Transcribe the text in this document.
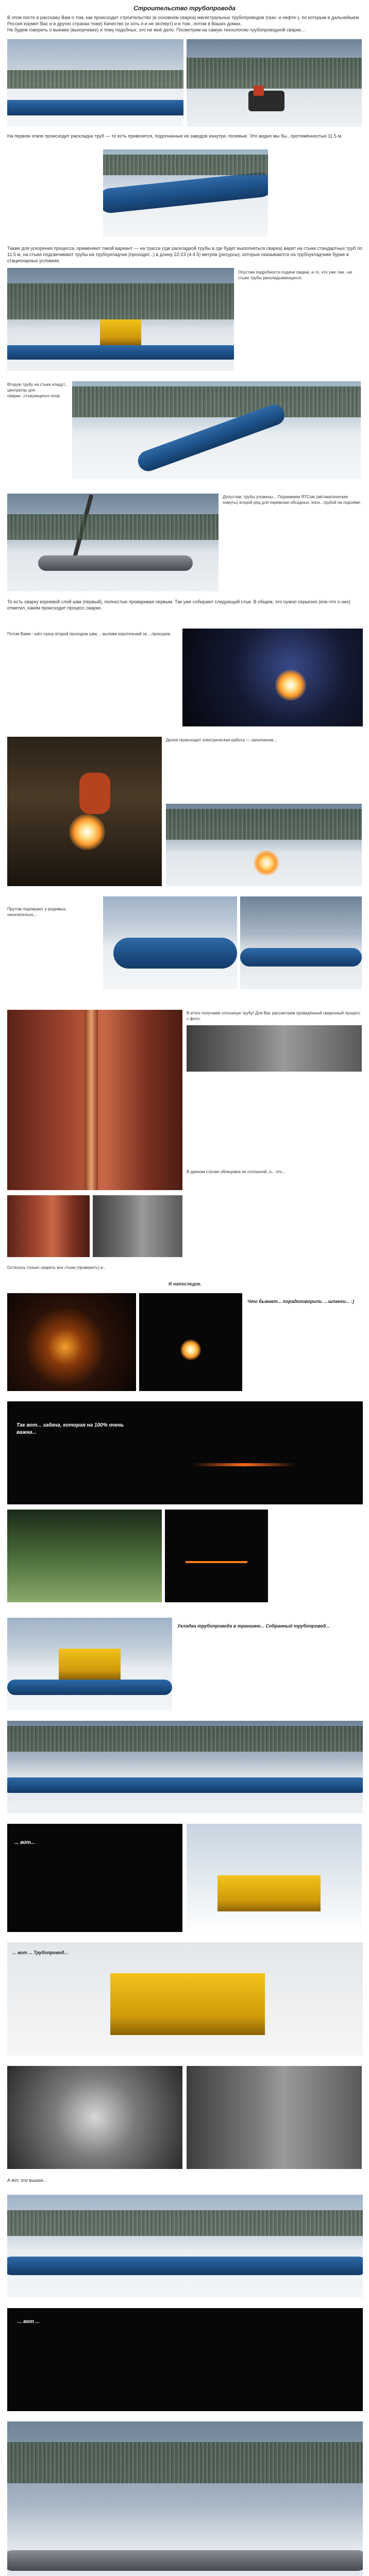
Строительство трубопровода
В этом посте я расскажу Вам о том, как происходит строительство (в основном сварка) магистральных трубопроводов (газо- и нефте-), по которым в дальнейшем Россия кормит Вас и в других странах тоже) Качество (и хоть я и не эксперт) и в том...потом в Ваших домах.
Не будем говорить о выемке (выкорчевке) и тому подобных, это не моё дело. Посмотрим на самую технологию трубопроводной сварки...
На первом этапе происходит раскладка труб — то есть привозятся, подогнанные из заводов изнутри, полевые. Это видно мы бы...протяжённостью 11.5 м.
Также для ускорения процесса, применяют такой вариант — на трассе (где раскладкой трубы в где будет выполняться сварка) варят на стыке стандартных труб по 11.5 м, на стыке подсвечивают трубы на трубоукладчик (проходит...) в длину 22-23 (4-4.5) метров (ресурсы), которые оказываются на трубоукладчике бурие в стационарных условиях.
Опустим подробности подачи сварки, а то, что уже там...на стыке трубы раскладывающихся.
Вторую трубу на стыке кладут... центратор для сварки...стыкующихся опор
Допустим, трубы уложены... Поднимаем ЯТСом (автоматические хомуты) второй ряд для перевозки обсадных, ноги...трубой на подъёме.
То есть сварку корневой слой шва (первый), полностью проваривая первым. Так уже собирают следующий стык. В общем, это нужно серьезно (кое-что о них) отметил, каким происходит процесс сварки.
Потом Вами - шёл сразу второй проходом шва, ...вылива коротенький за ...проходом.
Далее происходит электрическая работа — заполнение...
Прутом подпирают у рюдимых, окончательно...
В итоге получаем сплошную трубу! Для Вас рассмотрим проведённый сварочный процесс с фото:
В данном случае облицовка не сплошной, а... это...
Осталось только сварить все стыки (проверить) и...
И напоследок.
Что бывает... порадоговорили. ...шланги... :)
Так вот... задача, которая на 100% очень важна...
Укладка трубопровода в траншею... Собранный трубопровод...
... вот...
... вот ... Трубопровод...
А вот, эти вышки...
... вот ...
